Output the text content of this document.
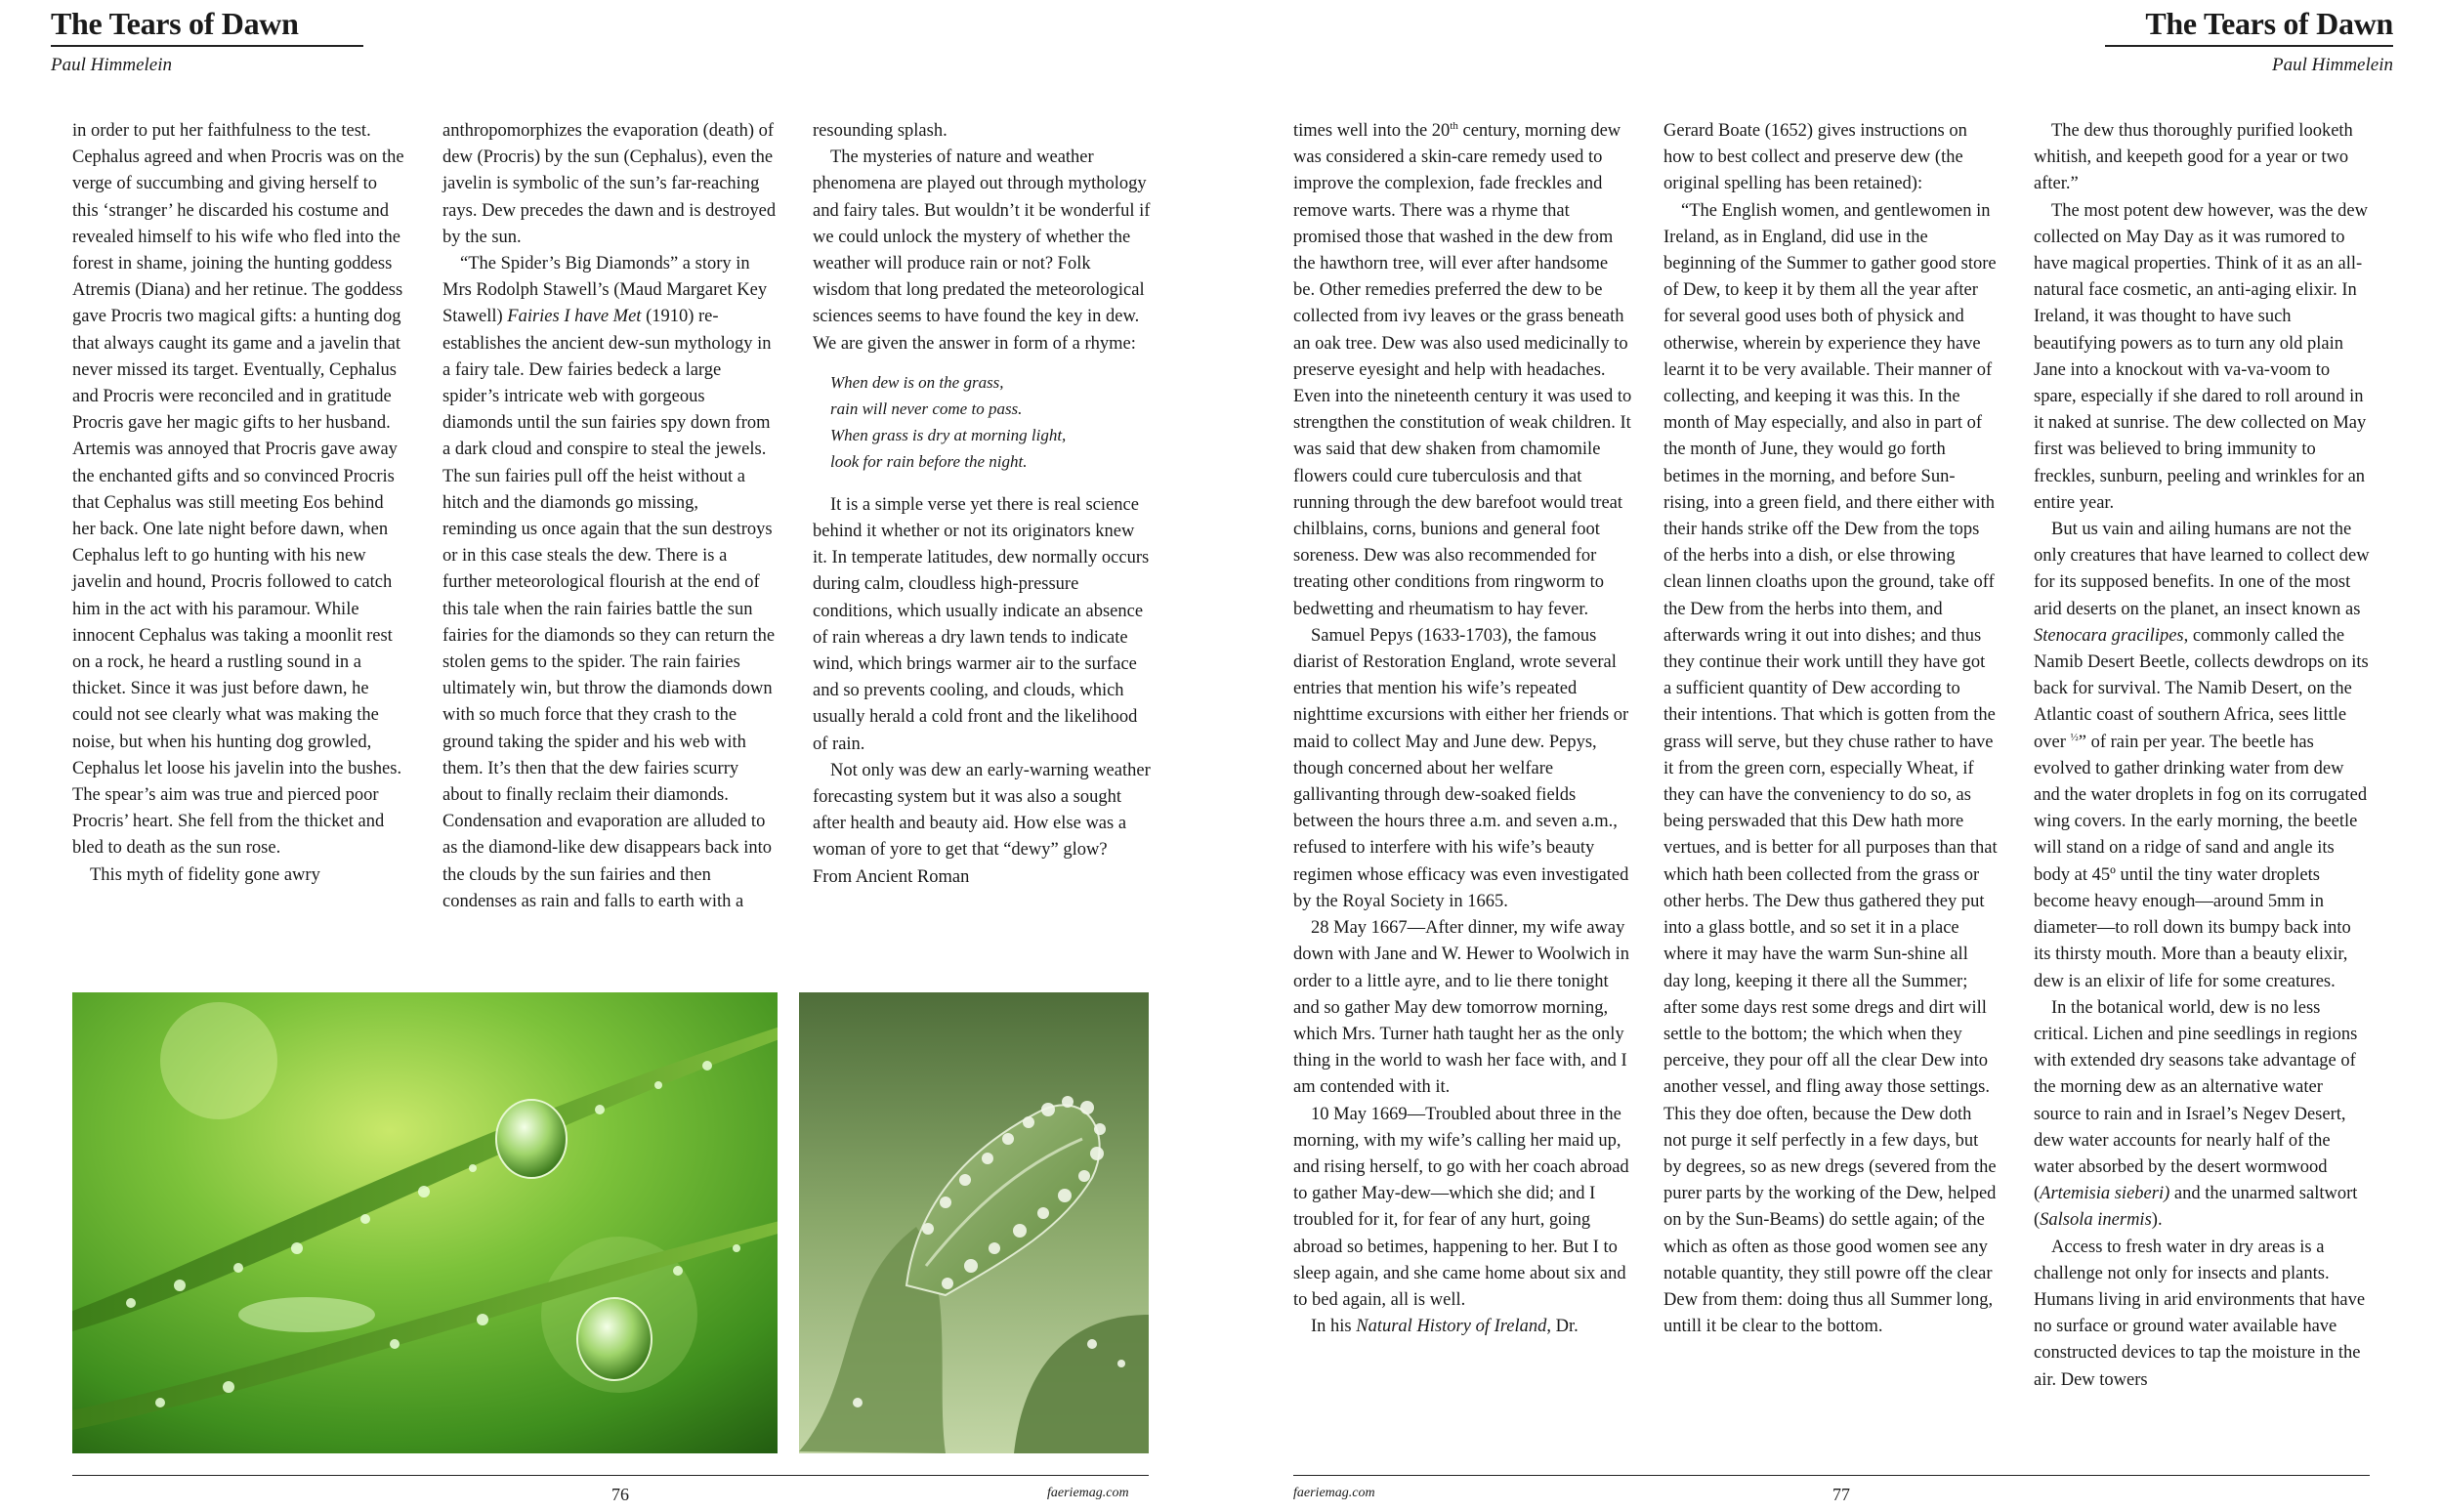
The Tears of Dawn
Paul Himmelein
The Tears of Dawn
Paul Himmelein

in order to put her faithfulness to the test. Cephalus agreed and when Procris was on the verge of succumbing and giving herself to this ‘stranger’ he discarded his costume and revealed himself to his wife who fled into the forest in shame, joining the hunting goddess Atremis (Diana) and her retinue. The goddess gave Procris two magical gifts: a hunting dog that always caught its game and a javelin that never missed its target. Eventually, Cephalus and Procris were reconciled and in gratitude Procris gave her magic gifts to her husband. Artemis was annoyed that Procris gave away the enchanted gifts and so convinced Procris that Cephalus was still meeting Eos behind her back. One late night before dawn, when Cephalus left to go hunting with his new javelin and hound, Procris followed to catch him in the act with his paramour. While innocent Cephalus was taking a moonlit rest on a rock, he heard a rustling sound in a thicket. Since it was just before dawn, he could not see clearly what was making the noise, but when his hunting dog growled, Cephalus let loose his javelin into the bushes. The spear’s aim was true and pierced poor Procris’ heart. She fell from the thicket and bled to death as the sun rose.

This myth of fidelity gone awry

anthropomorphizes the evaporation (death) of dew (Procris) by the sun (Cephalus), even the javelin is symbolic of the sun’s far-reaching rays. Dew precedes the dawn and is destroyed by the sun.

“The Spider’s Big Diamonds” a story in Mrs Rodolph Stawell’s (Maud Margaret Key Stawell) Fairies I have Met (1910) re-establishes the ancient dew-sun mythology in a fairy tale. Dew fairies bedeck a large spider’s intricate web with gorgeous diamonds until the sun fairies spy down from a dark cloud and conspire to steal the jewels. The sun fairies pull off the heist without a hitch and the diamonds go missing, reminding us once again that the sun destroys or in this case steals the dew. There is a further meteorological flourish at the end of this tale when the rain fairies battle the sun fairies for the diamonds so they can return the stolen gems to the spider. The rain fairies ultimately win, but throw the diamonds down with so much force that they crash to the ground taking the spider and his web with them. It’s then that the dew fairies scurry about to finally reclaim their diamonds. Condensation and evaporation are alluded to as the diamond-like dew disappears back into the clouds by the sun fairies and then condenses as rain and falls to earth with a

resounding splash.

The mysteries of nature and weather phenomena are played out through mythology and fairy tales. But wouldn’t it be wonderful if we could unlock the mystery of whether the weather will produce rain or not? Folk wisdom that long predated the meteorological sciences seems to have found the key in dew. We are given the answer in form of a rhyme:

When dew is on the grass,
rain will never come to pass.
When grass is dry at morning light,
look for rain before the night.

It is a simple verse yet there is real science behind it whether or not its originators knew it. In temperate latitudes, dew normally occurs during calm, cloudless high-pressure conditions, which usually indicate an absence of rain whereas a dry lawn tends to indicate wind, which brings warmer air to the surface and so prevents cooling, and clouds, which usually herald a cold front and the likelihood of rain.

Not only was dew an early-warning weather forecasting system but it was also a sought after health and beauty aid. How else was a woman of yore to get that “dewy” glow? From Ancient Roman

76	faeriemag.com

times well into the 20th century, morning dew was considered a skin-care remedy used to improve the complexion, fade freckles and remove warts. There was a rhyme that promised those that washed in the dew from the hawthorn tree, will ever after handsome be. Other remedies preferred the dew to be collected from ivy leaves or the grass beneath an oak tree. Dew was also used medicinally to preserve eyesight and help with headaches. Even into the nineteenth century it was used to strengthen the constitution of weak children. It was said that dew shaken from chamomile flowers could cure tuberculosis and that running through the dew barefoot would treat chilblains, corns, bunions and general foot soreness. Dew was also recommended for treating other conditions from ringworm to bedwetting and rheumatism to hay fever.

Samuel Pepys (1633-1703), the famous diarist of Restoration England, wrote several entries that mention his wife’s repeated nighttime excursions with either her friends or maid to collect May and June dew. Pepys, though concerned about her welfare gallivanting through dew-soaked fields between the hours three a.m. and seven a.m., refused to interfere with his wife’s beauty regimen whose efficacy was even investigated by the Royal Society in 1665.

28 May 1667—After dinner, my wife away down with Jane and W. Hewer to Woolwich in order to a little ayre, and to lie there tonight and so gather May dew tomorrow morning, which Mrs. Turner hath taught her as the only thing in the world to wash her face with, and I am contended with it.

10 May 1669—Troubled about three in the morning, with my wife’s calling her maid up, and rising herself, to go with her coach abroad to gather May-dew—which she did; and I troubled for it, for fear of any hurt, going abroad so betimes, happening to her. But I to sleep again, and she came home about six and to bed again, all is well.

In his Natural History of Ireland, Dr.

Gerard Boate (1652) gives instructions on how to best collect and preserve dew (the original spelling has been retained):

“The English women, and gentlewomen in Ireland, as in England, did use in the beginning of the Summer to gather good store of Dew, to keep it by them all the year after for several good uses both of physick and otherwise, wherein by experience they have learnt it to be very available. Their manner of collecting, and keeping it was this. In the month of May especially, and also in part of the month of June, they would go forth betimes in the morning, and before Sun-rising, into a green field, and there either with their hands strike off the Dew from the tops of the herbs into a dish, or else throwing clean linnen cloaths upon the ground, take off the Dew from the herbs into them, and afterwards wring it out into dishes; and thus they continue their work untill they have got a sufficient quantity of Dew according to their intentions. That which is gotten from the grass will serve, but they chuse rather to have it from the green corn, especially Wheat, if they can have the conveniency to do so, as being perswaded that this Dew hath more vertues, and is better for all purposes than that which hath been collected from the grass or other herbs. The Dew thus gathered they put into a glass bottle, and so set it in a place where it may have the warm Sun-shine all day long, keeping it there all the Summer; after some days rest some dregs and dirt will settle to the bottom; the which when they perceive, they pour off all the clear Dew into another vessel, and fling away those settings. This they doe often, because the Dew doth not purge it self perfectly in a few days, but by degrees, so as new dregs (severed from the purer parts by the working of the Dew, helped on by the Sun-Beams) do settle again; of the which as often as those good women see any notable quantity, they still powre off the clear Dew from them: doing thus all Summer long, untill it be clear to the bottom.

The dew thus thoroughly purified looketh whitish, and keepeth good for a year or two after.”

The most potent dew however, was the dew collected on May Day as it was rumored to have magical properties. Think of it as an all-natural face cosmetic, an anti-aging elixir. In Ireland, it was thought to have such beautifying powers as to turn any old plain Jane into a knockout with va-va-voom to spare, especially if she dared to roll around in it naked at sunrise. The dew collected on May first was believed to bring immunity to freckles, sunburn, peeling and wrinkles for an entire year.

But us vain and ailing humans are not the only creatures that have learned to collect dew for its supposed benefits. In one of the most arid deserts on the planet, an insect known as Stenocara gracilipes, commonly called the Namib Desert Beetle, collects dewdrops on its back for survival. The Namib Desert, on the Atlantic coast of southern Africa, sees little over $^{\frac{1}{2}}$” of rain per year. The beetle has evolved to gather drinking water from dew and the water droplets in fog on its corrugated wing covers. In the early morning, the beetle will stand on a ridge of sand and angle its body at 45º until the tiny water droplets become heavy enough—around 5mm in diameter—to roll down its bumpy back into its thirsty mouth. More than a beauty elixir, dew is an elixir of life for some creatures.

In the botanical world, dew is no less critical. Lichen and pine seedlings in regions with extended dry seasons take advantage of the morning dew as an alternative water source to rain and in Israel’s Negev Desert, dew water accounts for nearly half of the water absorbed by the desert wormwood (Artemisia sieberi) and the unarmed saltwort (Salsola inermis).

Access to fresh water in dry areas is a challenge not only for insects and plants. Humans living in arid environments that have no surface or ground water available have constructed devices to tap the moisture in the air. Dew towers

faeriemag.com	77
